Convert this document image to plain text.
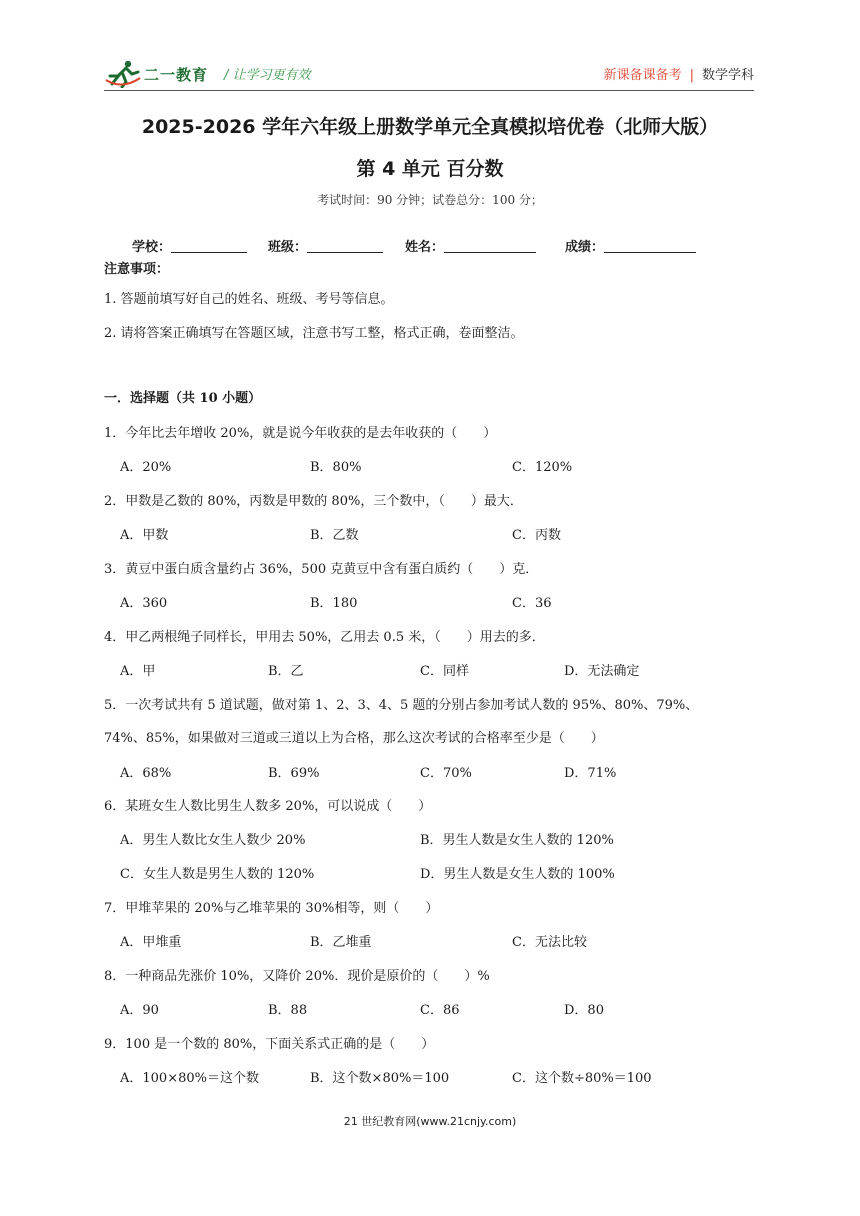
二一教育 / 让学习更有效	新课备课备考 | 数学学科
2025-2026 学年六年级上册数学单元全真模拟培优卷（北师大版）
第 4 单元 百分数
考试时间：90 分钟；试卷总分：100 分；
学校：	班级：	姓名：	成绩：
注意事项：
1. 答题前填写好自己的姓名、班级、考号等信息。
2. 请将答案正确填写在答题区域，注意书写工整，格式正确，卷面整洁。
一．选择题（共 10 小题）
1．今年比去年增收 20%，就是说今年收获的是去年收获的（　　）
A．20%	B．80%	C．120%
2．甲数是乙数的 80%，丙数是甲数的 80%，三个数中，（　　）最大．
A．甲数	B．乙数	C．丙数
3．黄豆中蛋白质含量约占 36%，500 克黄豆中含有蛋白质约（　　）克．
A．360	B．180	C．36
4．甲乙两根绳子同样长，甲用去 50%，乙用去 0.5 米，（　　）用去的多．
A．甲	B．乙	C．同样	D．无法确定
5．一次考试共有 5 道试题，做对第 1、2、3、4、5 题的分别占参加考试人数的 95%、80%、79%、
74%、85%，如果做对三道或三道以上为合格，那么这次考试的合格率至少是（　　）
A．68%	B．69%	C．70%	D．71%
6．某班女生人数比男生人数多 20%，可以说成（　　）
A．男生人数比女生人数少 20%	B．男生人数是女生人数的 120%
C．女生人数是男生人数的 120%	D．男生人数是女生人数的 100%
7．甲堆苹果的 20%与乙堆苹果的 30%相等，则（　　）
A．甲堆重	B．乙堆重	C．无法比较
8．一种商品先涨价 10%，又降价 20%．现价是原价的（　　）%
A．90	B．88	C．86	D．80
9．100 是一个数的 80%，下面关系式正确的是（　　）
A．100×80%＝这个数	B．这个数×80%＝100	C．这个数÷80%＝100
21 世纪教育网(www.21cnjy.com)
